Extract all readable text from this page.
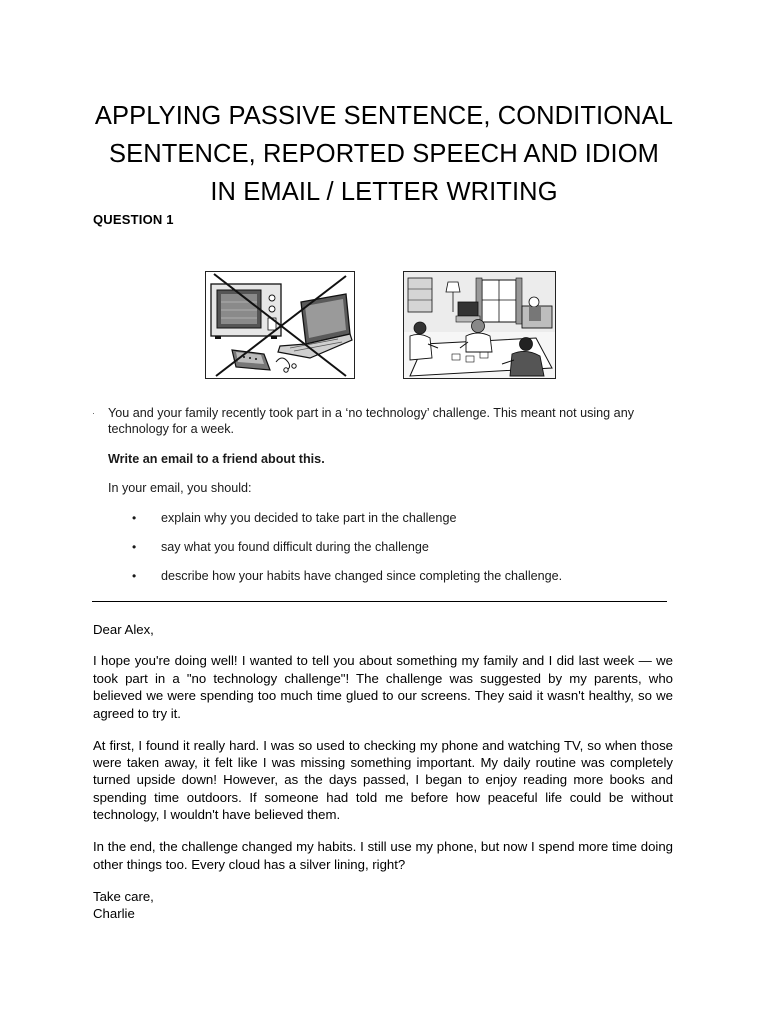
APPLYING PASSIVE SENTENCE, CONDITIONAL
SENTENCE, REPORTED SPEECH AND IDIOM
IN EMAIL / LETTER WRITING
QUESTION 1
· You and your family recently took part in a ‘no technology’ challenge. This meant not using any technology for a week.
Write an email to a friend about this.
In your email, you should:
• explain why you decided to take part in the challenge
• say what you found difficult during the challenge
• describe how your habits have changed since completing the challenge.

Dear Alex,

I hope you're doing well! I wanted to tell you about something my family and I did last week — we took part in a "no technology challenge"! The challenge was suggested by my parents, who believed we were spending too much time glued to our screens. They said it wasn't healthy, so we agreed to try it.

At first, I found it really hard. I was so used to checking my phone and watching TV, so when those were taken away, it felt like I was missing something important. My daily routine was completely turned upside down! However, as the days passed, I began to enjoy reading more books and spending time outdoors. If someone had told me before how peaceful life could be without technology, I wouldn't have believed them.

In the end, the challenge changed my habits. I still use my phone, but now I spend more time doing other things too. Every cloud has a silver lining, right?

Take care,
Charlie
